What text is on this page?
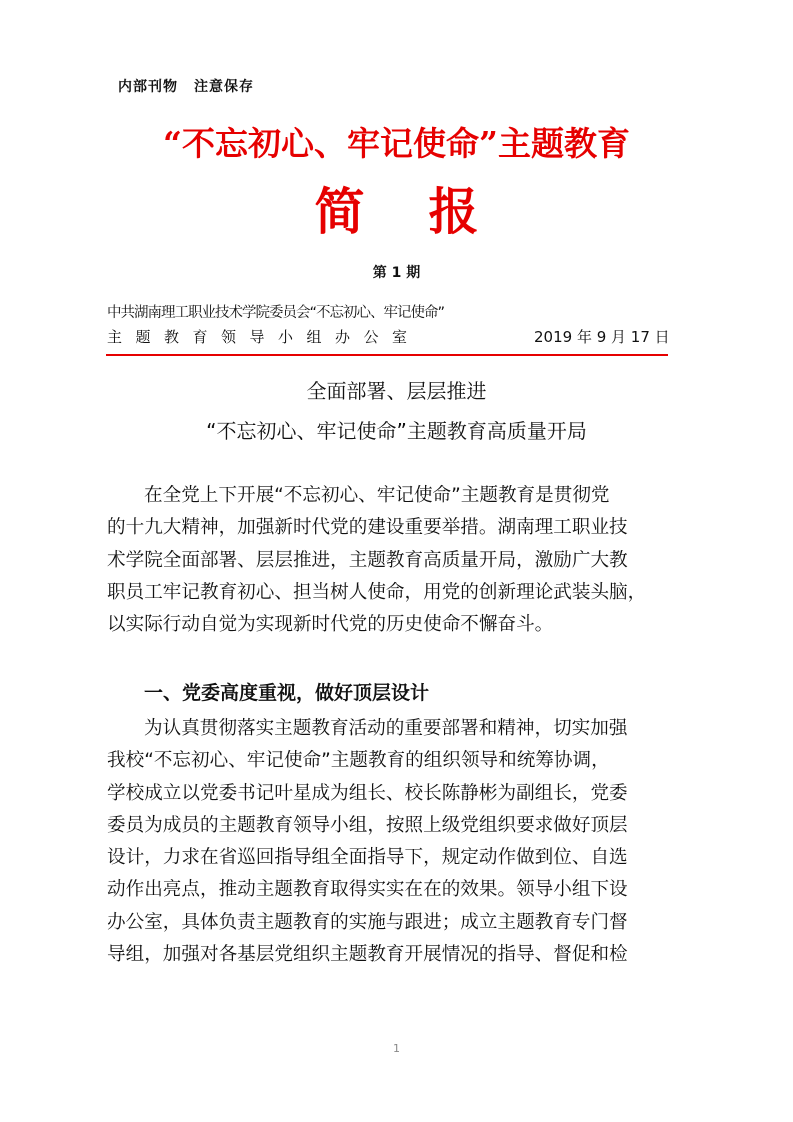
内部刊物 注意保存
“不忘初心、牢记使命”主题教育
简 报
第 1 期
中共湖南理工职业技术学院委员会“不忘初心、牢记使命”
主题教育领导小组办公室	2019 年 9 月 17 日
全面部署、层层推进
“不忘初心、牢记使命”主题教育高质量开局
在全党上下开展“不忘初心、牢记使命”主题教育是贯彻党
的十九大精神，加强新时代党的建设重要举措。湖南理工职业技
术学院全面部署、层层推进，主题教育高质量开局，激励广大教
职员工牢记教育初心、担当树人使命，用党的创新理论武装头脑，
以实际行动自觉为实现新时代党的历史使命不懈奋斗。
一、党委高度重视，做好顶层设计
为认真贯彻落实主题教育活动的重要部署和精神，切实加强
我校“不忘初心、牢记使命”主题教育的组织领导和统筹协调，
学校成立以党委书记叶星成为组长、校长陈静彬为副组长，党委
委员为成员的主题教育领导小组，按照上级党组织要求做好顶层
设计，力求在省巡回指导组全面指导下，规定动作做到位、自选
动作出亮点，推动主题教育取得实实在在的效果。领导小组下设
办公室，具体负责主题教育的实施与跟进；成立主题教育专门督
导组，加强对各基层党组织主题教育开展情况的指导、督促和检
1
